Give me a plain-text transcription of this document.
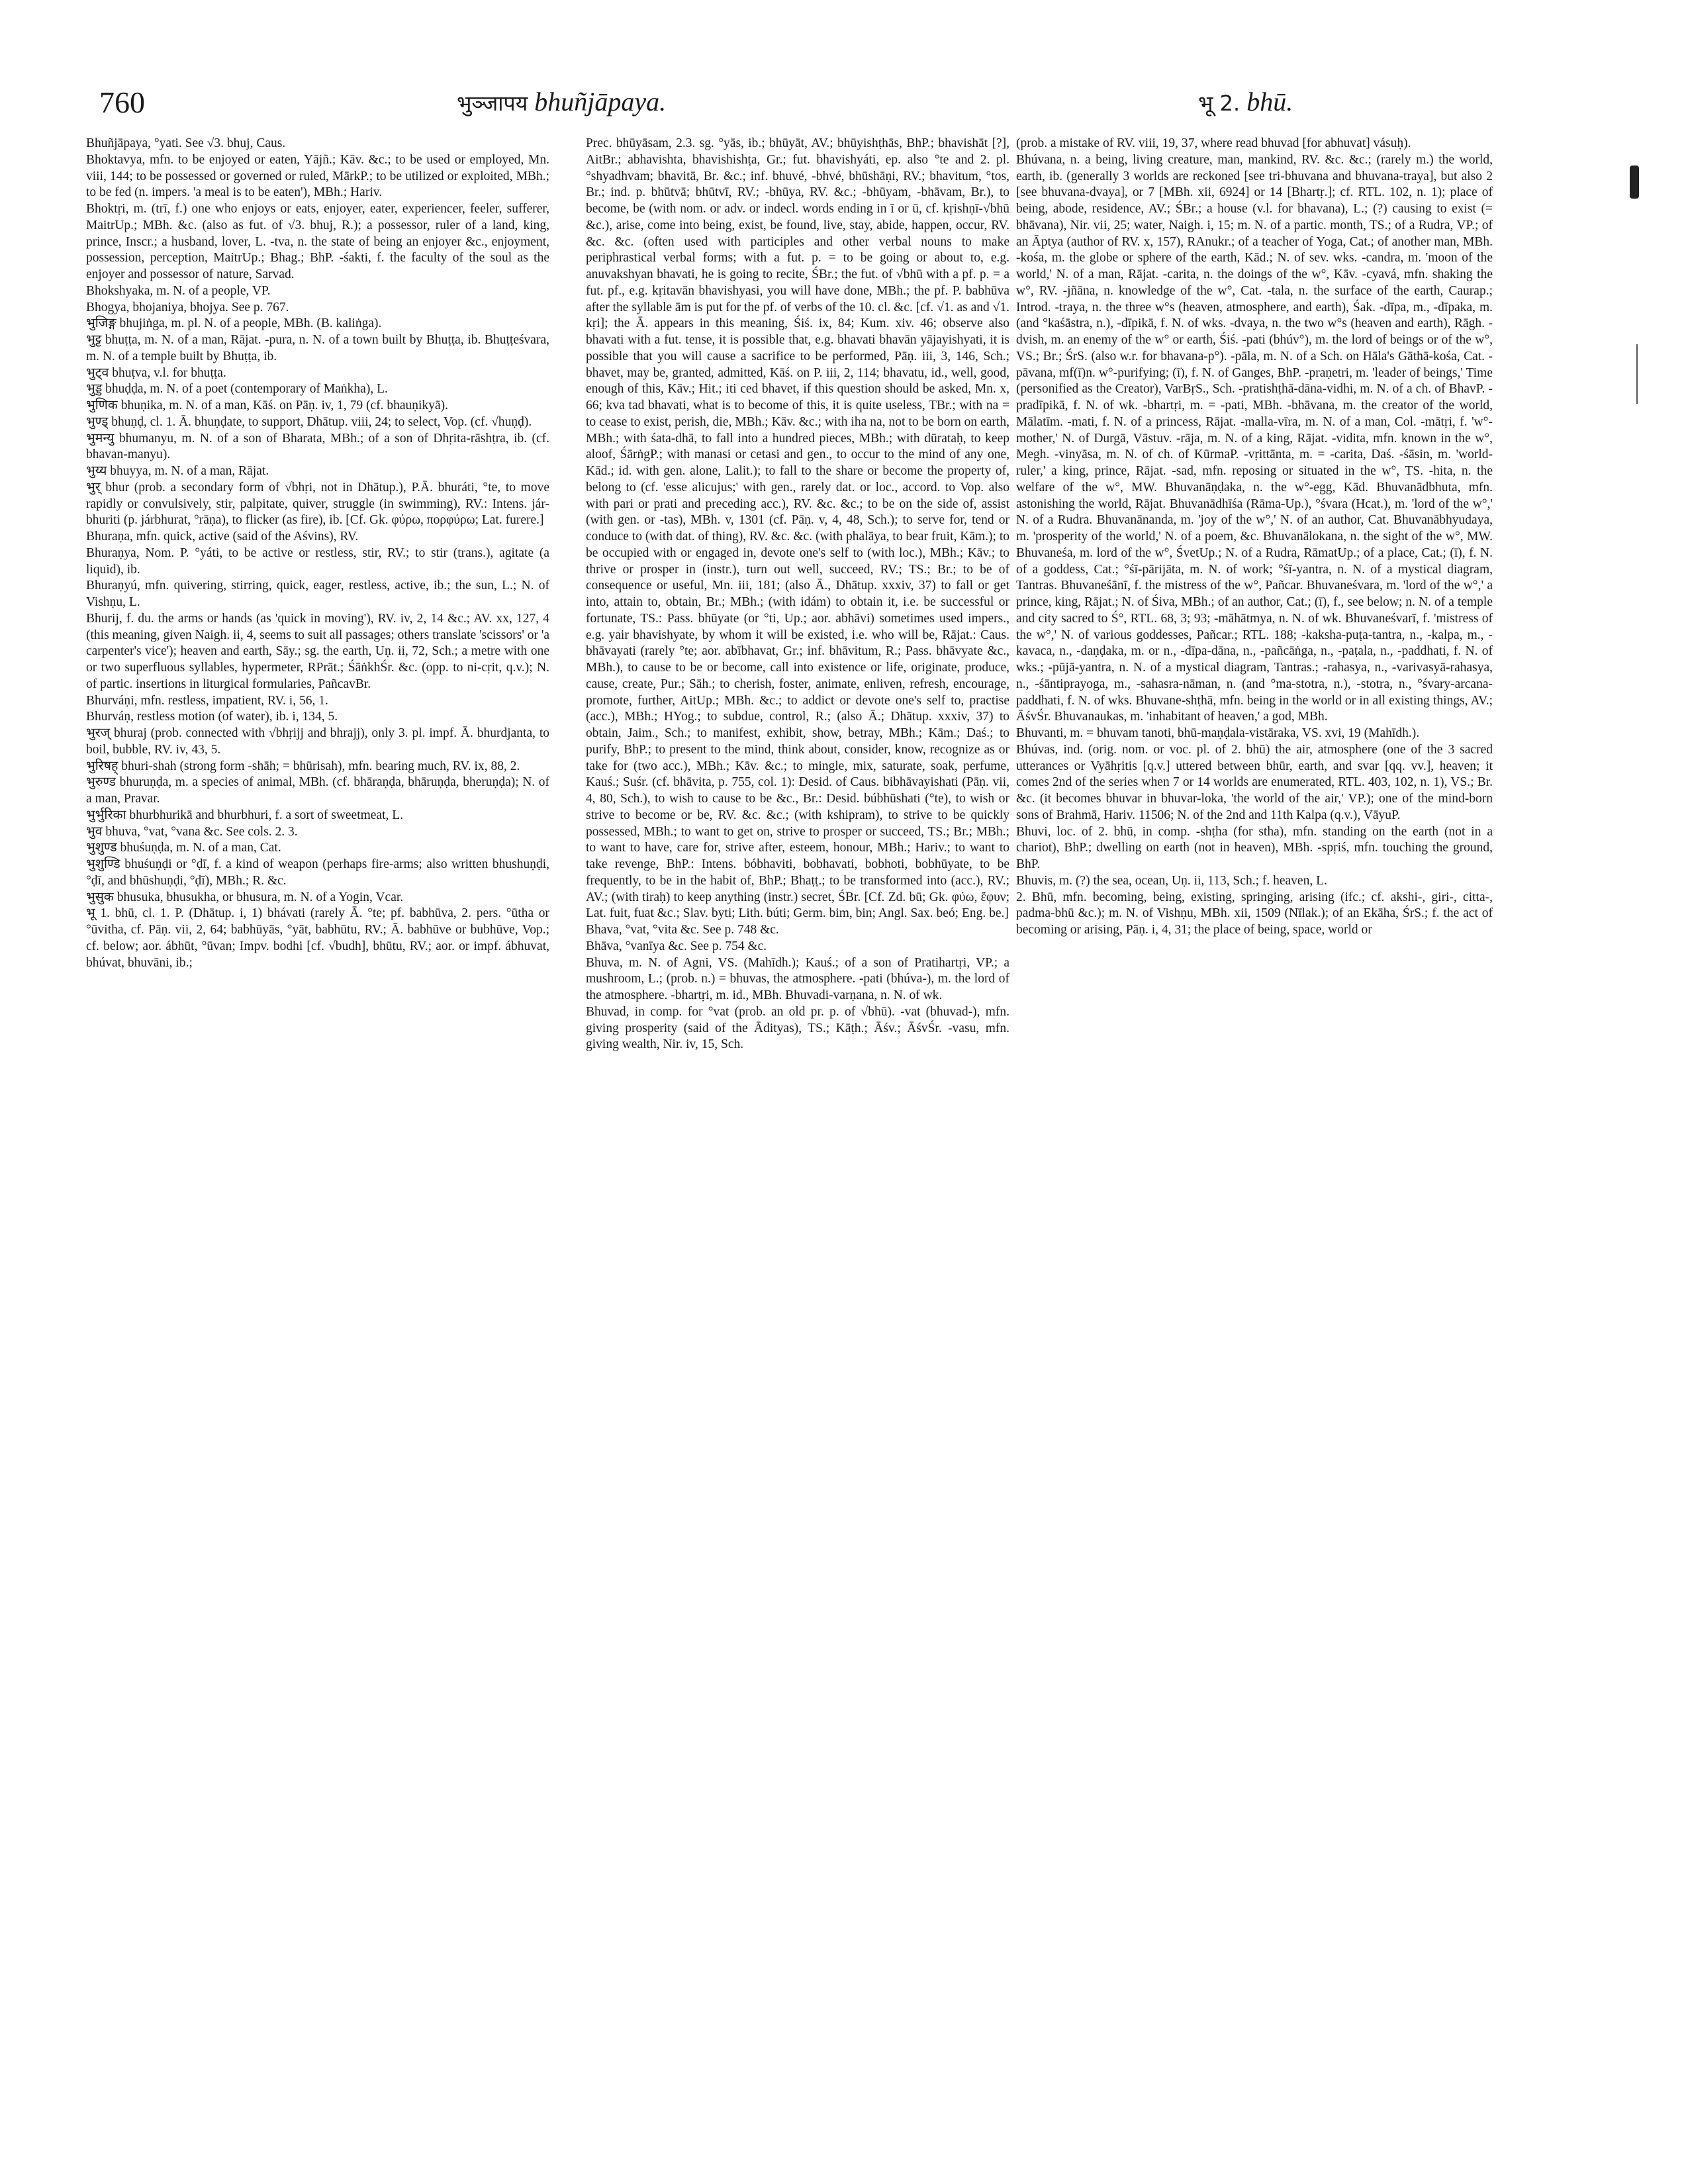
760	भुञ्जापय bhuñjāpaya.	भू 2. bhū.

Bhuñjāpaya, °yati. See √3. bhuj, Caus.

Bhoktavya, mfn. to be enjoyed or eaten, Yājñ.; Kāv. &c.; to be used or employed, Mn. viii, 144; to be possessed or governed or ruled, MārkP.; to be utilized or exploited, MBh.; to be fed (n. impers. 'a meal is to be eaten'), MBh.; Hariv.

Bhoktṛi, m. (trī, f.) one who enjoys or eats, enjoyer, eater, experiencer, feeler, sufferer, MaitrUp.; MBh. &c. (also as fut. of √3. bhuj, R.); a possessor, ruler of a land, king, prince, Inscr.; a husband, lover, L. -tva, n. the state of being an enjoyer &c., enjoyment, possession, perception, MaitrUp.; Bhag.; BhP. -śakti, f. the faculty of the soul as the enjoyer and possessor of nature, Sarvad.

Bhokshyaka, m. N. of a people, VP.

Bhogya, bhojaniya, bhojya. See p. 767.

भुजिङ्ग bhujiṅga, m. pl. N. of a people, MBh. (B. kaliṅga).

भुट्ट bhuṭṭa, m. N. of a man, Rājat. -pura, n. N. of a town built by Bhuṭṭa, ib. Bhuṭṭeśvara, m. N. of a temple built by Bhuṭṭa, ib.

भुट्व bhuṭva, v.l. for bhuṭṭa.

भुड्ड bhuḍḍa, m. N. of a poet (contemporary of Maṅkha), L.

भुणिक bhuṇika, m. N. of a man, Kāś. on Pāṇ. iv, 1, 79 (cf. bhauṇikyā).

भुण्ड् bhuṇḍ, cl. 1. Ā. bhuṇḍate, to support, Dhātup. viii, 24; to select, Vop. (cf. √huṇḍ).

भुमन्यु bhumanyu, m. N. of a son of Bharata, MBh.; of a son of Dhṛita-rāshṭra, ib. (cf. bhavan-manyu).

भुय्य bhuyya, m. N. of a man, Rājat.

भुर् bhur (prob. a secondary form of √bhṛi, not in Dhātup.), P.Ā. bhuráti, °te, to move rapidly or convulsively, stir, palpitate, quiver, struggle (in swimming), RV.: Intens. jár-bhuriti (p. járbhurat, °rāṇa), to flicker (as fire), ib. [Cf. Gk. φύρω, πορφύρω; Lat. furere.]

Bhuraṇa, mfn. quick, active (said of the Aśvins), RV.

Bhuraṇya, Nom. P. °yáti, to be active or restless, stir, RV.; to stir (trans.), agitate (a liquid), ib.

Bhuraṇyú, mfn. quivering, stirring, quick, eager, restless, active, ib.; the sun, L.; N. of Vishṇu, L.

Bhurij, f. du. the arms or hands (as 'quick in moving'), RV. iv, 2, 14 &c.; AV. xx, 127, 4 (this meaning, given Naigh. ii, 4, seems to suit all passages; others translate 'scissors' or 'a carpenter's vice'); heaven and earth, Sāy.; sg. the earth, Uṇ. ii, 72, Sch.; a metre with one or two superfluous syllables, hypermeter, RPrāt.; ŚāṅkhŚr. &c. (opp. to ni-cṛit, q.v.); N. of partic. insertions in liturgical formularies, PañcavBr.

Bhurváṇi, mfn. restless, impatient, RV. i, 56, 1.

Bhurváṇ, restless motion (of water), ib. i, 134, 5.

भुरज् bhuraj (prob. connected with √bhṛijj and bhrajj), only 3. pl. impf. Ā. bhurdjanta, to boil, bubble, RV. iv, 43, 5.

भुरिषह् bhuri-shah (strong form -shāh; = bhūrisah), mfn. bearing much, RV. ix, 88, 2.

भुरुण्ड bhuruṇḍa, m. a species of animal, MBh. (cf. bhāraṇḍa, bhāruṇḍa, bheruṇḍa); N. of a man, Pravar.

भुर्भुरिका bhurbhurikā and bhurbhuri, f. a sort of sweetmeat, L.

भुव bhuva, °vat, °vana &c. See cols. 2. 3.

भुशुण्ड bhuśuṇḍa, m. N. of a man, Cat.

भुशुण्डि bhuśuṇḍi or °ḍī, f. a kind of weapon (perhaps fire-arms; also written bhushuṇḍi, °ḍī, and bhūshuṇḍi, °ḍī), MBh.; R. &c.

भुसुक bhusuka, bhusukha, or bhusura, m. N. of a Yogin, Vcar.

भू 1. bhū, cl. 1. P. (Dhātup. i, 1) bhávati (rarely Ā. °te; pf. babhūva, 2. pers. °ūtha or °ūvitha, cf. Pāṇ. vii, 2, 64; babhūyās, °yāt, babhūtu, RV.; Ā. babhūve or bubhūve, Vop.; cf. below; aor. ábhūt, °ūvan; Impv. bodhi [cf. √budh], bhūtu, RV.; aor. or impf. ábhuvat, bhúvat, bhuvāni, ib.;

Prec. bhūyāsam, 2.3. sg. °yās, ib.; bhūyāt, AV.; bhūyishṭhās, BhP.; bhavishāt [?], AitBr.; abhavishta, bhavishishṭa, Gr.; fut. bhavishyáti, ep. also °te and 2. pl. °shyadhvam; bhavitā, Br. &c.; inf. bhuvé, -bhvé, bhūshāṇi, RV.; bhavitum, °tos, Br.; ind. p. bhūtvā; bhūtvī, RV.; -bhūya, RV. &c.; -bhūyam, -bhāvam, Br.), to become, be (with nom. or adv. or indecl. words ending in ī or ū, cf. kṛishṇī-√bhū &c.), arise, come into being, exist, be found, live, stay, abide, happen, occur, RV. &c. &c. (often used with participles and other verbal nouns to make periphrastical verbal forms; with a fut. p. = to be going or about to, e.g. anuvakshyan bhavati, he is going to recite, ŚBr.; the fut. of √bhū with a pf. p. = a fut. pf., e.g. kṛitavān bhavishyasi, you will have done, MBh.; the pf. P. babhūva after the syllable ām is put for the pf. of verbs of the 10. cl. &c. [cf. √1. as and √1. kṛi]; the Ā. appears in this meaning, Śiś. ix, 84; Kum. xiv. 46; observe also bhavati with a fut. tense, it is possible that, e.g. bhavati bhavān yājayishyati, it is possible that you will cause a sacrifice to be performed, Pāṇ. iii, 3, 146, Sch.; bhavet, may be, granted, admitted, Kāś. on P. iii, 2, 114; bhavatu, id., well, good, enough of this, Kāv.; Hit.; iti ced bhavet, if this question should be asked, Mn. x, 66; kva tad bhavati, what is to become of this, it is quite useless, TBr.; with na = to cease to exist, perish, die, MBh.; Kāv. &c.; with iha na, not to be born on earth, MBh.; with śata-dhā, to fall into a hundred pieces, MBh.; with dūrataḥ, to keep aloof, ŚārṅgP.; with manasi or cetasi and gen., to occur to the mind of any one, Kād.; id. with gen. alone, Lalit.); to fall to the share or become the property of, belong to (cf. 'esse alicujus;' with gen., rarely dat. or loc., accord. to Vop. also with pari or prati and preceding acc.), RV. &c. &c.; to be on the side of, assist (with gen. or -tas), MBh. v, 1301 (cf. Pāṇ. v, 4, 48, Sch.); to serve for, tend or conduce to (with dat. of thing), RV. &c. &c. (with phalāya, to bear fruit, Kām.); to be occupied with or engaged in, devote one's self to (with loc.), MBh.; Kāv.; to thrive or prosper in (instr.), turn out well, succeed, RV.; TS.; Br.; to be of consequence or useful, Mn. iii, 181; (also Ā., Dhātup. xxxiv, 37) to fall or get into, attain to, obtain, Br.; MBh.; (with idám) to obtain it, i.e. be successful or fortunate, TS.: Pass. bhūyate (or °ti, Up.; aor. abhāvi) sometimes used impers., e.g. yair bhavishyate, by whom it will be existed, i.e. who will be, Rājat.: Caus. bhāvayati (rarely °te; aor. abībhavat, Gr.; inf. bhāvitum, R.; Pass. bhāvyate &c., MBh.), to cause to be or become, call into existence or life, originate, produce, cause, create, Pur.; Sāh.; to cherish, foster, animate, enliven, refresh, encourage, promote, further, AitUp.; MBh. &c.; to addict or devote one's self to, practise (acc.), MBh.; HYog.; to subdue, control, R.; (also Ā.; Dhātup. xxxiv, 37) to obtain, Jaim., Sch.; to manifest, exhibit, show, betray, MBh.; Kām.; Daś.; to purify, BhP.; to present to the mind, think about, consider, know, recognize as or take for (two acc.), MBh.; Kāv. &c.; to mingle, mix, saturate, soak, perfume, Kauś.; Suśr. (cf. bhāvita, p. 755, col. 1): Desid. of Caus. bibhāvayishati (Pāṇ. vii, 4, 80, Sch.), to wish to cause to be &c., Br.: Desid. búbhūshati (°te), to wish or strive to become or be, RV. &c. &c.; (with kshipram), to strive to be quickly possessed, MBh.; to want to get on, strive to prosper or succeed, TS.; Br.; MBh.; to want to have, care for, strive after, esteem, honour, MBh.; Hariv.; to want to take revenge, BhP.: Intens. bóbhaviti, bobhavati, bobhoti, bobhūyate, to be frequently, to be in the habit of, BhP.; Bhaṭṭ.; to be transformed into (acc.), RV.; AV.; (with tiraḥ) to keep anything (instr.) secret, ŚBr. [Cf. Zd. bū; Gk. φύω, ἔφυν; Lat. fuit, fuat &c.; Slav. byti; Lith. búti; Germ. bim, bin; Angl. Sax. beó; Eng. be.]

Bhava, °vat, °vita &c. See p. 748 &c.

Bhāva, °vanīya &c. See p. 754 &c.

Bhuva, m. N. of Agni, VS. (Mahīdh.); Kauś.; of a son of Pratihartṛi, VP.; a mushroom, L.; (prob. n.) = bhuvas, the atmosphere. -pati (bhúva-), m. the lord of the atmosphere. -bhartṛi, m. id., MBh. Bhuvadi-varṇana, n. N. of wk.

Bhuvad, in comp. for °vat (prob. an old pr. p. of √bhū). -vat (bhuvad-), mfn. giving prosperity (said of the Ādityas), TS.; Kāṭh.; Āśv.; ĀśvŚr. -vasu, mfn. giving wealth, Nir. iv, 15, Sch.

(prob. a mistake of RV. viii, 19, 37, where read bhuvad [for abhuvat] vásuḥ).

Bhúvana, n. a being, living creature, man, mankind, RV. &c. &c.; (rarely m.) the world, earth, ib. (generally 3 worlds are reckoned [see tri-bhuvana and bhuvana-traya], but also 2 [see bhuvana-dvaya], or 7 [MBh. xii, 6924] or 14 [Bhartṛ.]; cf. RTL. 102, n. 1); place of being, abode, residence, AV.; ŚBr.; a house (v.l. for bhavana), L.; (?) causing to exist (= bhāvana), Nir. vii, 25; water, Naigh. i, 15; m. N. of a partic. month, TS.; of a Rudra, VP.; of an Āptya (author of RV. x, 157), RAnukr.; of a teacher of Yoga, Cat.; of another man, MBh. -kośa, m. the globe or sphere of the earth, Kād.; N. of sev. wks. -candra, m. 'moon of the world,' N. of a man, Rājat. -carita, n. the doings of the w°, Kāv. -cyavá, mfn. shaking the w°, RV. -jñāna, n. knowledge of the w°, Cat. -tala, n. the surface of the earth, Caurap.; Introd. -traya, n. the three w°s (heaven, atmosphere, and earth), Śak. -dīpa, m., -dīpaka, m. (and °kaśāstra, n.), -dīpikā, f. N. of wks. -dvaya, n. the two w°s (heaven and earth), Rāgh. -dvish, m. an enemy of the w° or earth, Śiś. -pati (bhúv°), m. the lord of beings or of the w°, VS.; Br.; ŚrS. (also w.r. for bhavana-p°). -pāla, m. N. of a Sch. on Hāla's Gāthā-kośa, Cat. -pāvana, mf(ī)n. w°-purifying; (ī), f. N. of Ganges, BhP. -praṇetri, m. 'leader of beings,' Time (personified as the Creator), VarBṛS., Sch. -pratishṭhā-dāna-vidhi, m. N. of a ch. of BhavP. -pradīpikā, f. N. of wk. -bhartṛi, m. = -pati, MBh. -bhāvana, m. the creator of the world, Mālatīm. -mati, f. N. of a princess, Rājat. -malla-vīra, m. N. of a man, Col. -mātṛi, f. 'w°-mother,' N. of Durgā, Vāstuv. -rāja, m. N. of a king, Rājat. -vidita, mfn. known in the w°, Megh. -vinyāsa, m. N. of ch. of KūrmaP. -vṛittānta, m. = -carita, Daś. -śāsin, m. 'world-ruler,' a king, prince, Rājat. -sad, mfn. reposing or situated in the w°, TS. -hita, n. the welfare of the w°, MW. Bhuvanāṇḍaka, n. the w°-egg, Kād. Bhuvanādbhuta, mfn. astonishing the world, Rājat. Bhuvanādhīśa (Rāma-Up.), °śvara (Hcat.), m. 'lord of the w°,' N. of a Rudra. Bhuvanānanda, m. 'joy of the w°,' N. of an author, Cat. Bhuvanābhyudaya, m. 'prosperity of the world,' N. of a poem, &c. Bhuvanālokana, n. the sight of the w°, MW. Bhuvaneśa, m. lord of the w°, ŚvetUp.; N. of a Rudra, RāmatUp.; of a place, Cat.; (ī), f. N. of a goddess, Cat.; °śī-pārijāta, m. N. of work; °śī-yantra, n. N. of a mystical diagram, Tantras. Bhuvaneśānī, f. the mistress of the w°, Pañcar. Bhuvaneśvara, m. 'lord of the w°,' a prince, king, Rājat.; N. of Śiva, MBh.; of an author, Cat.; (ī), f., see below; n. N. of a temple and city sacred to Ś°, RTL. 68, 3; 93; -māhātmya, n. N. of wk. Bhuvaneśvarī, f. 'mistress of the w°,' N. of various goddesses, Pañcar.; RTL. 188; -kaksha-puṭa-tantra, n., -kalpa, m., -kavaca, n., -daṇḍaka, m. or n., -dīpa-dāna, n., -pañcāṅga, n., -paṭala, n., -paddhati, f. N. of wks.; -pūjā-yantra, n. N. of a mystical diagram, Tantras.; -rahasya, n., -varivasyā-rahasya, n., -śāntiprayoga, m., -sahasra-nāman, n. (and °ma-stotra, n.), -stotra, n., °śvary-arcana-paddhati, f. N. of wks. Bhuvane-shṭhā, mfn. being in the world or in all existing things, AV.; ĀśvŚr. Bhuvanaukas, m. 'inhabitant of heaven,' a god, MBh.

Bhuvanti, m. = bhuvam tanoti, bhū-maṇḍala-vistāraka, VS. xvi, 19 (Mahīdh.).

Bhúvas, ind. (orig. nom. or voc. pl. of 2. bhū) the air, atmosphere (one of the 3 sacred utterances or Vyāhṛitis [q.v.] uttered between bhūr, earth, and svar [qq. vv.], heaven; it comes 2nd of the series when 7 or 14 worlds are enumerated, RTL. 403, 102, n. 1), VS.; Br. &c. (it becomes bhuvar in bhuvar-loka, 'the world of the air,' VP.); one of the mind-born sons of Brahmā, Hariv. 11506; N. of the 2nd and 11th Kalpa (q.v.), VāyuP.

Bhuvi, loc. of 2. bhū, in comp. -shṭha (for stha), mfn. standing on the earth (not in a chariot), BhP.; dwelling on earth (not in heaven), MBh. -spṛiś, mfn. touching the ground, BhP.

Bhuvis, m. (?) the sea, ocean, Uṇ. ii, 113, Sch.; f. heaven, L.

2. Bhū, mfn. becoming, being, existing, springing, arising (ifc.; cf. akshi-, giri-, citta-, padma-bhū &c.); m. N. of Vishṇu, MBh. xii, 1509 (Nīlak.); of an Ekāha, ŚrS.; f. the act of becoming or arising, Pāṇ. i, 4, 31; the place of being, space, world or
